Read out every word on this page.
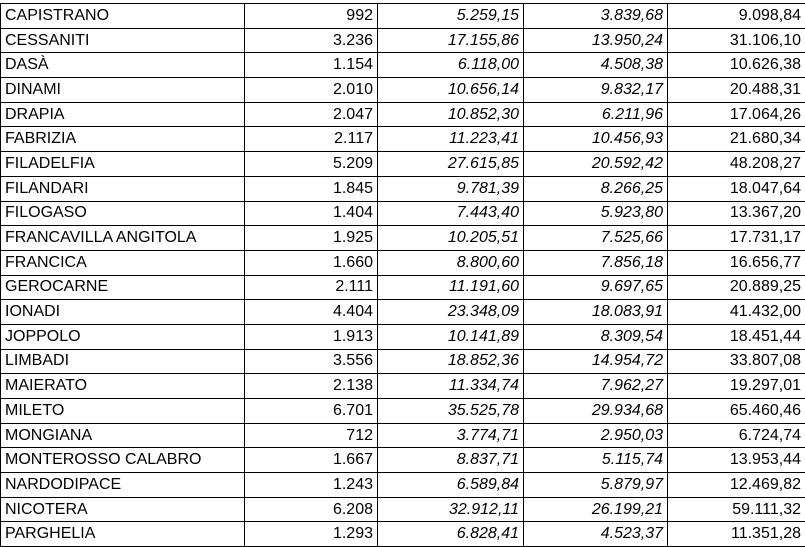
CAPISTRANO	992	5.259,15	3.839,68	9.098,84
CESSANITI	3.236	17.155,86	13.950,24	31.106,10
DASÀ	1.154	6.118,00	4.508,38	10.626,38
DINAMI	2.010	10.656,14	9.832,17	20.488,31
DRAPIA	2.047	10.852,30	6.211,96	17.064,26
FABRIZIA	2.117	11.223,41	10.456,93	21.680,34
FILADELFIA	5.209	27.615,85	20.592,42	48.208,27
FILANDARI	1.845	9.781,39	8.266,25	18.047,64
FILOGASO	1.404	7.443,40	5.923,80	13.367,20
FRANCAVILLA ANGITOLA	1.925	10.205,51	7.525,66	17.731,17
FRANCICA	1.660	8.800,60	7.856,18	16.656,77
GEROCARNE	2.111	11.191,60	9.697,65	20.889,25
IONADI	4.404	23.348,09	18.083,91	41.432,00
JOPPOLO	1.913	10.141,89	8.309,54	18.451,44
LIMBADI	3.556	18.852,36	14.954,72	33.807,08
MAIERATO	2.138	11.334,74	7.962,27	19.297,01
MILETO	6.701	35.525,78	29.934,68	65.460,46
MONGIANA	712	3.774,71	2.950,03	6.724,74
MONTEROSSO CALABRO	1.667	8.837,71	5.115,74	13.953,44
NARDODIPACE	1.243	6.589,84	5.879,97	12.469,82
NICOTERA	6.208	32.912,11	26.199,21	59.111,32
PARGHELIA	1.293	6.828,41	4.523,37	11.351,28
